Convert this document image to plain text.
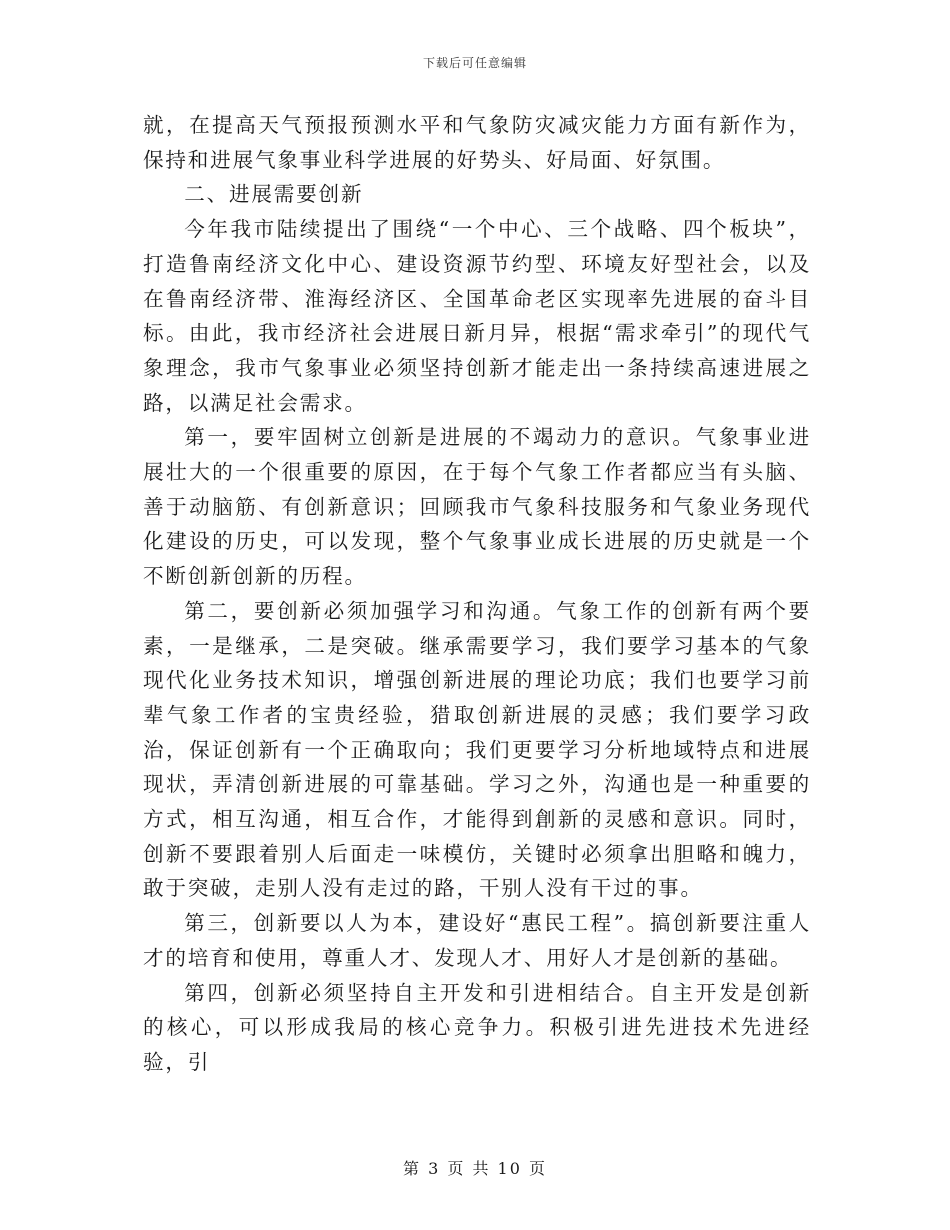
下载后可任意编辑

就，在提高天气预报预测水平和气象防灾减灾能力方面有新作为，保持和进展气象事业科学进展的好势头、好局面、好氛围。

二、进展需要创新

今年我市陆续提出了围绕“一个中心、三个战略、四个板块”，打造鲁南经济文化中心、建设资源节约型、环境友好型社会，以及在鲁南经济带、淮海经济区、全国革命老区实现率先进展的奋斗目标。由此，我市经济社会进展日新月异，根据“需求牵引”的现代气象理念，我市气象事业必须坚持创新才能走出一条持续高速进展之路，以满足社会需求。

第一，要牢固树立创新是进展的不竭动力的意识。气象事业进展壮大的一个很重要的原因，在于每个气象工作者都应当有头脑、善于动脑筋、有创新意识；回顾我市气象科技服务和气象业务现代化建设的历史，可以发现，整个气象事业成长进展的历史就是一个不断创新创新的历程。

第二，要创新必须加强学习和沟通。气象工作的创新有两个要素，一是继承，二是突破。继承需要学习，我们要学习基本的气象现代化业务技术知识，增强创新进展的理论功底；我们也要学习前辈气象工作者的宝贵经验，猎取创新进展的灵感；我们要学习政治，保证创新有一个正确取向；我们更要学习分析地域特点和进展现状，弄清创新进展的可靠基础。学习之外，沟通也是一种重要的方式，相互沟通，相互合作，才能得到創新的灵感和意识。同时，创新不要跟着别人后面走一味模仿，关键时必须拿出胆略和魄力，敢于突破，走别人没有走过的路，干别人没有干过的事。

第三，创新要以人为本，建设好“惠民工程”。搞创新要注重人才的培育和使用，尊重人才、发现人才、用好人才是创新的基础。

第四，创新必须坚持自主开发和引进相结合。自主开发是创新的核心，可以形成我局的核心竞争力。积极引进先进技术先进经验，引

第 3 页 共 10 页
